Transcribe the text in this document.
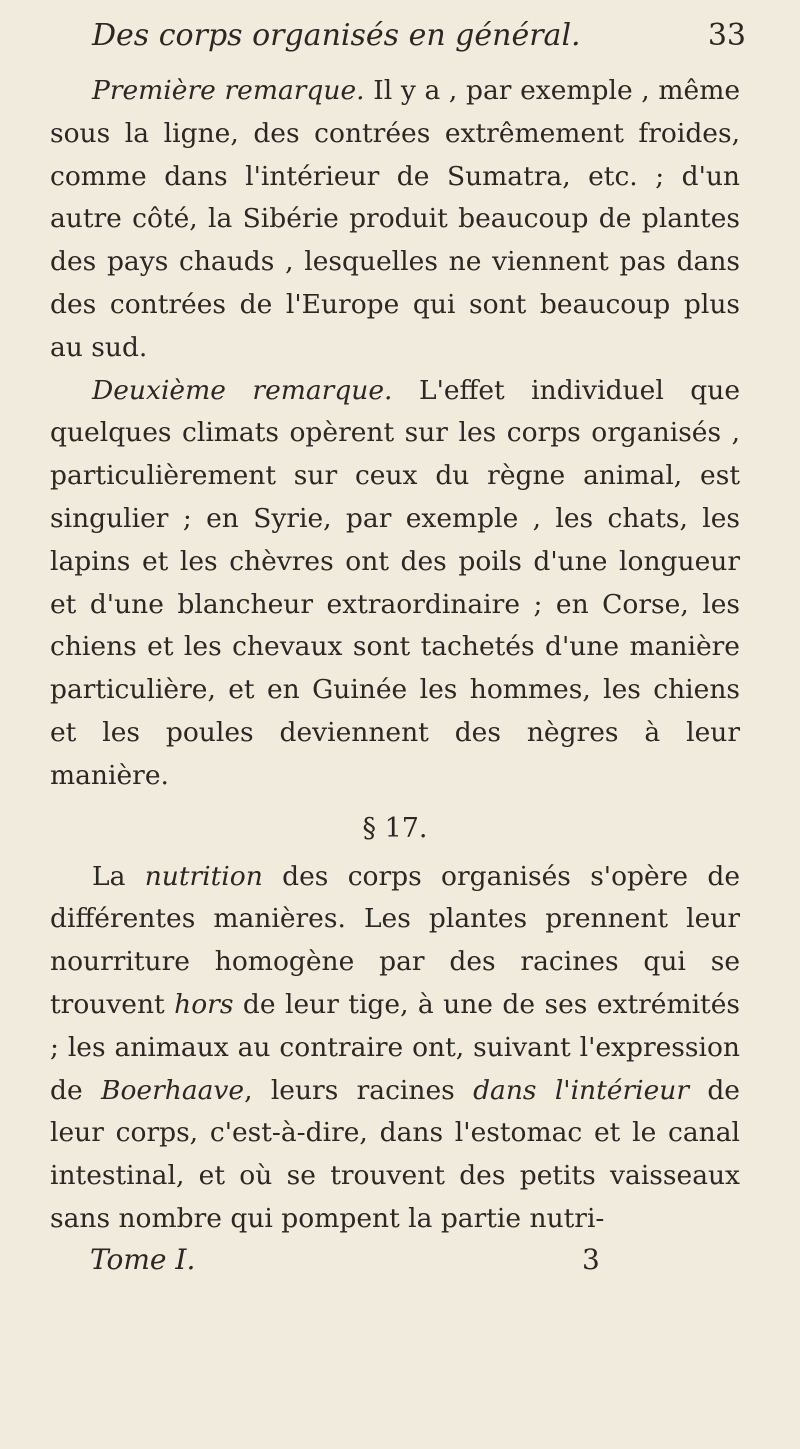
Des corps organisés en général.	33

Première remarque. Il y a , par exemple , même sous la ligne, des contrées extrêmement froides, comme dans l'intérieur de Sumatra, etc. ; d'un autre côté, la Sibérie produit beaucoup de plantes des pays chauds , lesquelles ne viennent pas dans des contrées de l'Europe qui sont beaucoup plus au sud.

Deuxième remarque. L'effet individuel que quelques climats opèrent sur les corps organisés , particulièrement sur ceux du règne animal, est singulier ; en Syrie, par exemple , les chats, les lapins et les chèvres ont des poils d'une longueur et d'une blancheur extraordinaire ; en Corse, les chiens et les chevaux sont tachetés d'une manière particulière, et en Guinée les hommes, les chiens et les poules deviennent des nègres à leur manière.

§ 17.

La nutrition des corps organisés s'opère de différentes manières. Les plantes prennent leur nourriture homogène par des racines qui se trouvent hors de leur tige, à une de ses extrémités ; les animaux au contraire ont, suivant l'expression de Boerhaave, leurs racines dans l'intérieur de leur corps, c'est-à-dire, dans l'estomac et le canal intestinal, et où se trouvent des petits vaisseaux sans nombre qui pompent la partie nutri-

Tome I.	3
